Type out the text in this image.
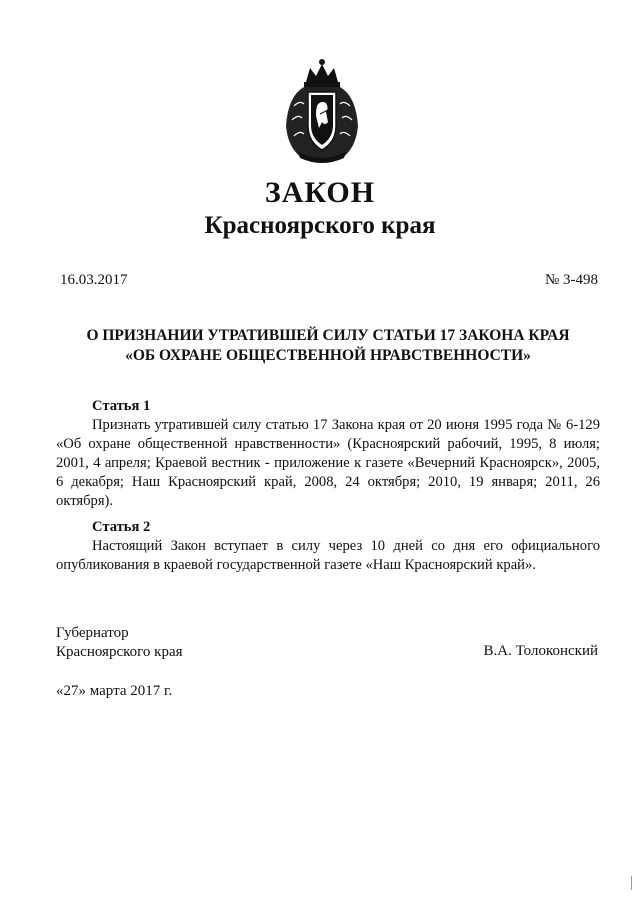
ЗАКОН
Красноярского края
16.03.2017	№ 3-498
О ПРИЗНАНИИ УТРАТИВШЕЙ СИЛУ СТАТЬИ 17 ЗАКОНА КРАЯ
«ОБ ОХРАНЕ ОБЩЕСТВЕННОЙ НРАВСТВЕННОСТИ»
Статья 1

Признать утратившей силу статью 17 Закона края от 20 июня 1995 года № 6-129 «Об охране общественной нравственности» (Красноярский рабочий, 1995, 8 июля; 2001, 4 апреля; Краевой вестник - приложение к газете «Вечерний Красноярск», 2005, 6 декабря; Наш Красноярский край, 2008, 24 октября; 2010, 19 января; 2011, 26 октября).

Статья 2

Настоящий Закон вступает в силу через 10 дней со дня его официального опубликования в краевой государственной газете «Наш Красноярский край».

Губернатор
Красноярского края	В.А. Толоконский
«27» марта 2017 г.
